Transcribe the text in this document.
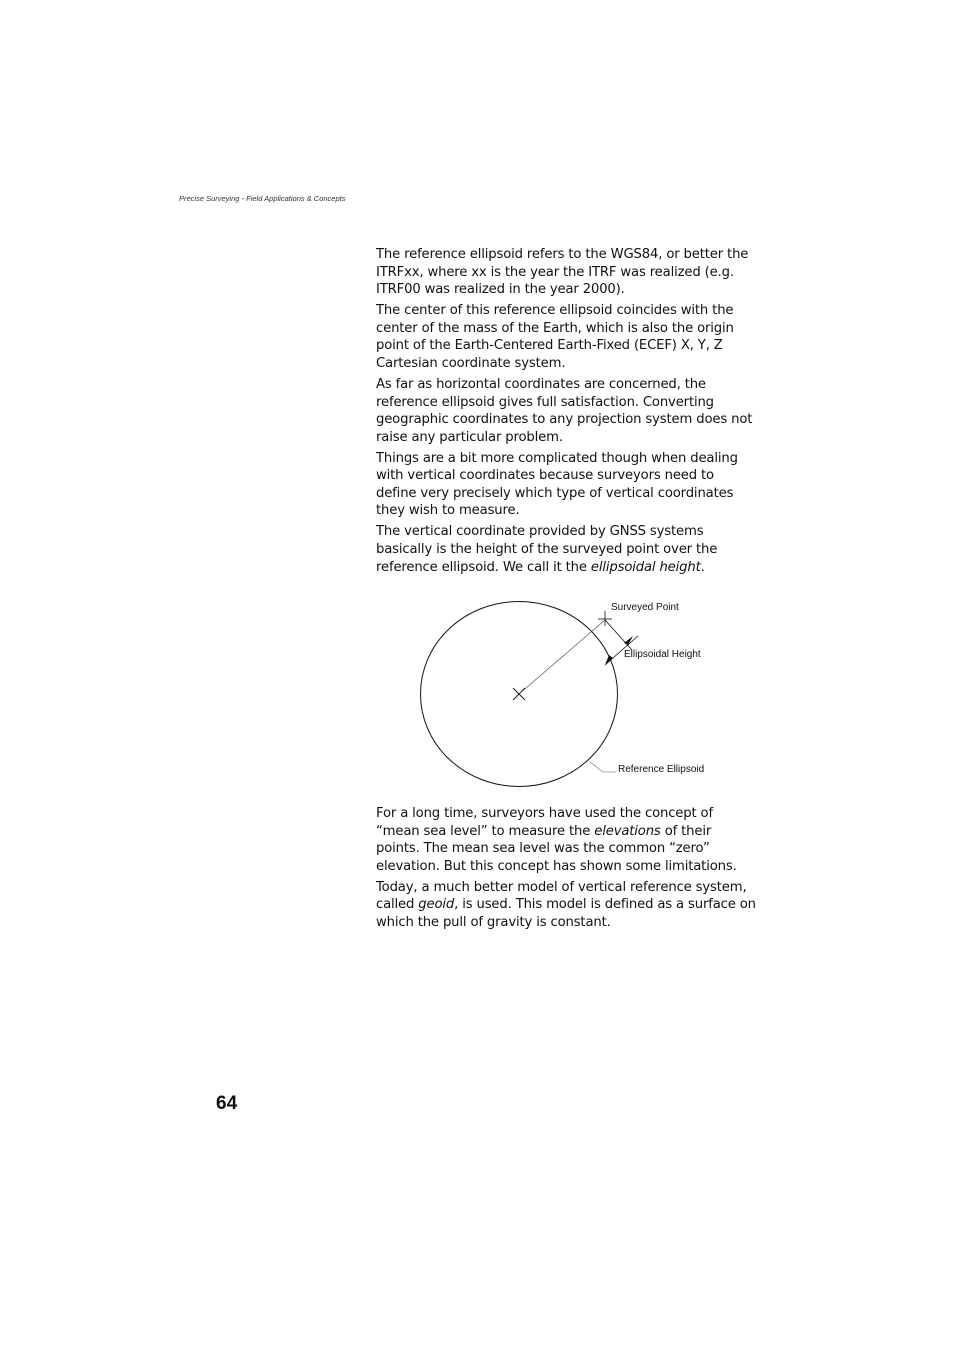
Precise Surveying - Field Applications & Concepts

The reference ellipsoid refers to the WGS84, or better the ITRFxx, where xx is the year the ITRF was realized (e.g. ITRF00 was realized in the year 2000).

The center of this reference ellipsoid coincides with the center of the mass of the Earth, which is also the origin point of the Earth-Centered Earth-Fixed (ECEF) X, Y, Z Cartesian coordinate system.

As far as horizontal coordinates are concerned, the reference ellipsoid gives full satisfaction. Converting geographic coordinates to any projection system does not raise any particular problem.

Things are a bit more complicated though when dealing with vertical coordinates because surveyors need to define very precisely which type of vertical coordinates they wish to measure.

The vertical coordinate provided by GNSS systems basically is the height of the surveyed point over the reference ellipsoid. We call it the ellipsoidal height.

Surveyed Point
Ellipsoidal Height
Reference Ellipsoid

For a long time, surveyors have used the concept of “mean sea level” to measure the elevations of their points. The mean sea level was the common “zero” elevation. But this concept has shown some limitations.

Today, a much better model of vertical reference system, called geoid, is used. This model is defined as a surface on which the pull of gravity is constant.

64
